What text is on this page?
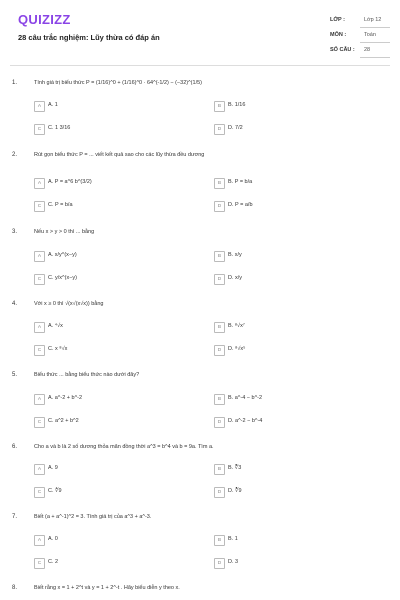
QUIZIZZ
28 câu trắc nghiệm: Lũy thừa có đáp án
LỚP :	Lớp 12
MÔN :	Toán
SỐ CÂU : 28
1.	Tính giá trị biểu thức P = (1/16)^0 + (1/16)^0 · 64^(-1/2) − (−32)^(1/5)
A	A. 1	B	B. 1/16
C	C. 1 3/16	D	D. 7/2
2.	Rút gọn biểu thức P = ... viết kết quả sao cho các lũy thừa đều dương
A	A. P = a^6 b^(3/2)	B	B. P = b/a
C	C. P = b/a	D	D. P = a/b
3.	Nếu x > y > 0 thì ... bằng
A	A. x/y^(x−y)	B	B. x/y
C	C. y/x^(x−y)	D	D. x/y
4.	Với x ≥ 0 thì √(x√(x√x)) bằng
A	A. ⁴√x	B	B. ⁸√x⁷
C	C. x ⁸√x	D	D. ⁸√x⁵
5.	Biểu thức ... bằng biểu thức nào dưới đây?
A	A. a^-2 + b^-2	B	B. a^-4 − b^-2
C	C. a^2 + b^2	D	D. a^-2 − b^-4
6.	Cho a và b là 2 số dương thỏa mãn đồng thời a^3 = b^4 và b = 9a. Tìm a.
A	A. 9	B	B. ∛3
C	C. ∜9	D	D. ∛9
7.	Biết (a + a^-1)^2 = 3. Tính giá trị của a^3 + a^-3.
A	A. 0	B	B. 1
C	C. 2	D	D. 3
8.	Biết rằng x = 1 + 2^t và y = 1 + 2^-t . Hãy biểu diễn y theo x.
